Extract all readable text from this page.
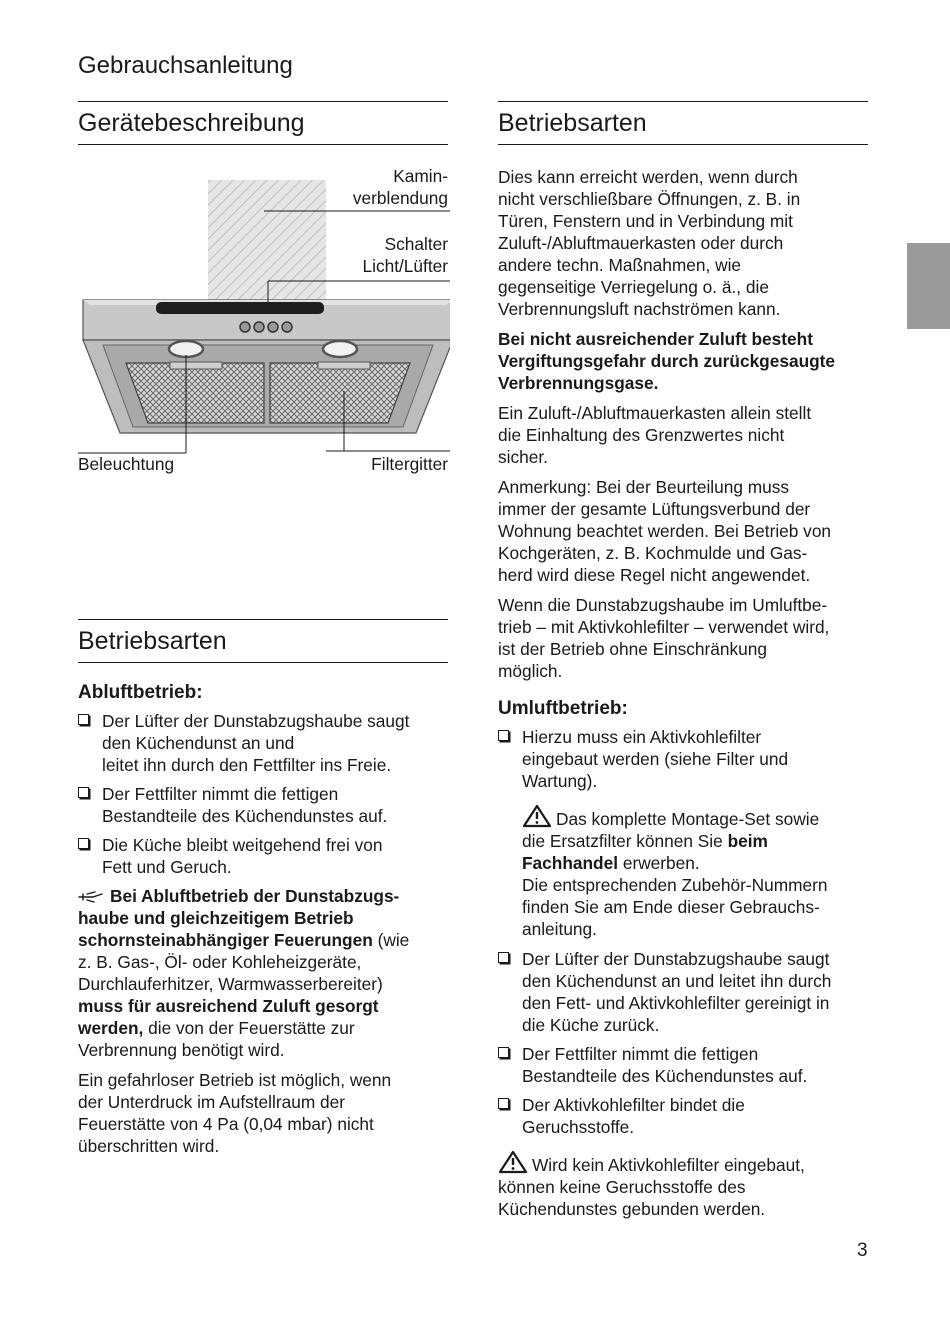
Gebrauchsanleitung
Gerätebeschreibung
Kamin-
verblendung
Schalter
Licht/Lüfter
Beleuchtung	Filtergitter
Betriebsarten
Abluftbetrieb:
Der Lüfter der Dunstabzugshaube saugt
den Küchendunst an und
leitet ihn durch den Fettfilter ins Freie.
Der Fettfilter nimmt die fettigen
Bestandteile des Küchendunstes auf.
Die Küche bleibt weitgehend frei von
Fett und Geruch.
Bei Abluftbetrieb der Dunstabzugs-
haube und gleichzeitigem Betrieb
schornsteinabhängiger Feuerungen (wie
z. B. Gas-, Öl- oder Kohleheizgeräte,
Durchlauferhitzer, Warmwasserbereiter)
muss für ausreichend Zuluft gesorgt
werden, die von der Feuerstätte zur
Verbrennung benötigt wird.
Ein gefahrloser Betrieb ist möglich, wenn
der Unterdruck im Aufstellraum der
Feuerstätte von 4 Pa (0,04 mbar) nicht
überschritten wird.
Betriebsarten
Dies kann erreicht werden, wenn durch
nicht verschließbare Öffnungen, z. B. in
Türen, Fenstern und in Verbindung mit
Zuluft-/Abluftmauerkasten oder durch
andere techn. Maßnahmen, wie
gegenseitige Verriegelung o. ä., die
Verbrennungsluft nachströmen kann.
Bei nicht ausreichender Zuluft besteht
Vergiftungsgefahr durch zurückgesaugte
Verbrennungsgase.
Ein Zuluft-/Abluftmauerkasten allein stellt
die Einhaltung des Grenzwertes nicht
sicher.
Anmerkung: Bei der Beurteilung muss
immer der gesamte Lüftungsverbund der
Wohnung beachtet werden. Bei Betrieb von
Kochgeräten, z. B. Kochmulde und Gas-
herd wird diese Regel nicht angewendet.
Wenn die Dunstabzugshaube im Umluftbe-
trieb – mit Aktivkohlefilter – verwendet wird,
ist der Betrieb ohne Einschränkung
möglich.
Umluftbetrieb:
Hierzu muss ein Aktivkohlefilter
eingebaut werden (siehe Filter und
Wartung).
Das komplette Montage-Set sowie
die Ersatzfilter können Sie beim
Fachhandel erwerben.
Die entsprechenden Zubehör-Nummern
finden Sie am Ende dieser Gebrauchs-
anleitung.
Der Lüfter der Dunstabzugshaube saugt
den Küchendunst an und leitet ihn durch
den Fett- und Aktivkohlefilter gereinigt in
die Küche zurück.
Der Fettfilter nimmt die fettigen
Bestandteile des Küchendunstes auf.
Der Aktivkohlefilter bindet die
Geruchsstoffe.
Wird kein Aktivkohlefilter eingebaut,
können keine Geruchsstoffe des
Küchendunstes gebunden werden.
3
